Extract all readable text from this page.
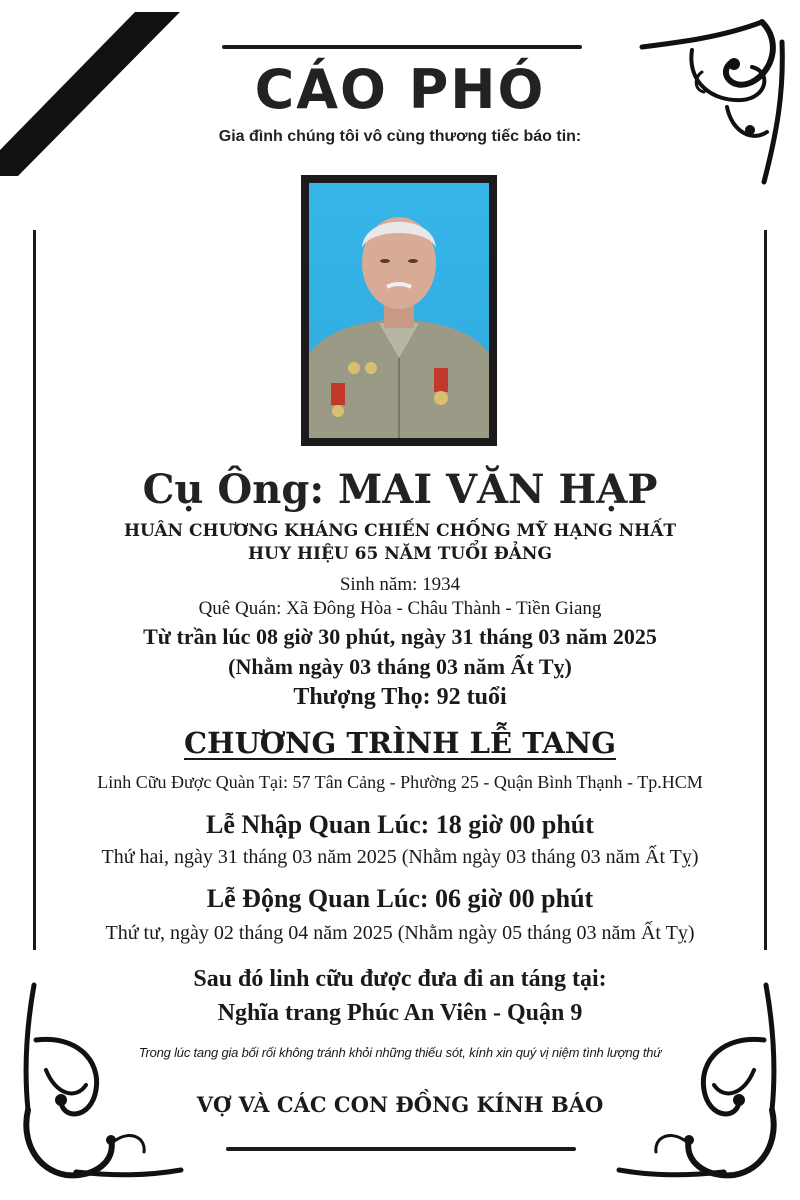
CÁO PHÓ
Gia đình chúng tôi vô cùng thương tiếc báo tin:
Cụ Ông: MAI VĂN HẠP
HUÂN CHƯƠNG KHÁNG CHIẾN CHỐNG MỸ HẠNG NHẤT
HUY HIỆU 65 NĂM TUỔI ĐẢNG
Sinh năm: 1934
Quê Quán: Xã Đông Hòa - Châu Thành - Tiền Giang
Từ trần lúc 08 giờ 30 phút, ngày 31 tháng 03 năm 2025
(Nhằm ngày 03 tháng 03 năm Ất Tỵ)
Thượng Thọ: 92 tuổi
CHƯƠNG TRÌNH LỄ TANG
Linh Cữu Được Quàn Tại: 57 Tân Cảng - Phường 25 - Quận Bình Thạnh - Tp.HCM
Lễ Nhập Quan Lúc: 18 giờ 00 phút
Thứ hai, ngày 31 tháng 03 năm 2025 (Nhằm ngày 03 tháng 03 năm Ất Tỵ)
Lễ Động Quan Lúc: 06 giờ 00 phút
Thứ tư, ngày 02 tháng 04 năm 2025 (Nhằm ngày 05 tháng 03 năm Ất Tỵ)
Sau đó linh cữu được đưa đi an táng tại:
Nghĩa trang Phúc An Viên - Quận 9
Trong lúc tang gia bối rối không tránh khỏi những thiếu sót, kính xin quý vị niệm tình lượng thứ
VỢ VÀ CÁC CON ĐỒNG KÍNH BÁO
